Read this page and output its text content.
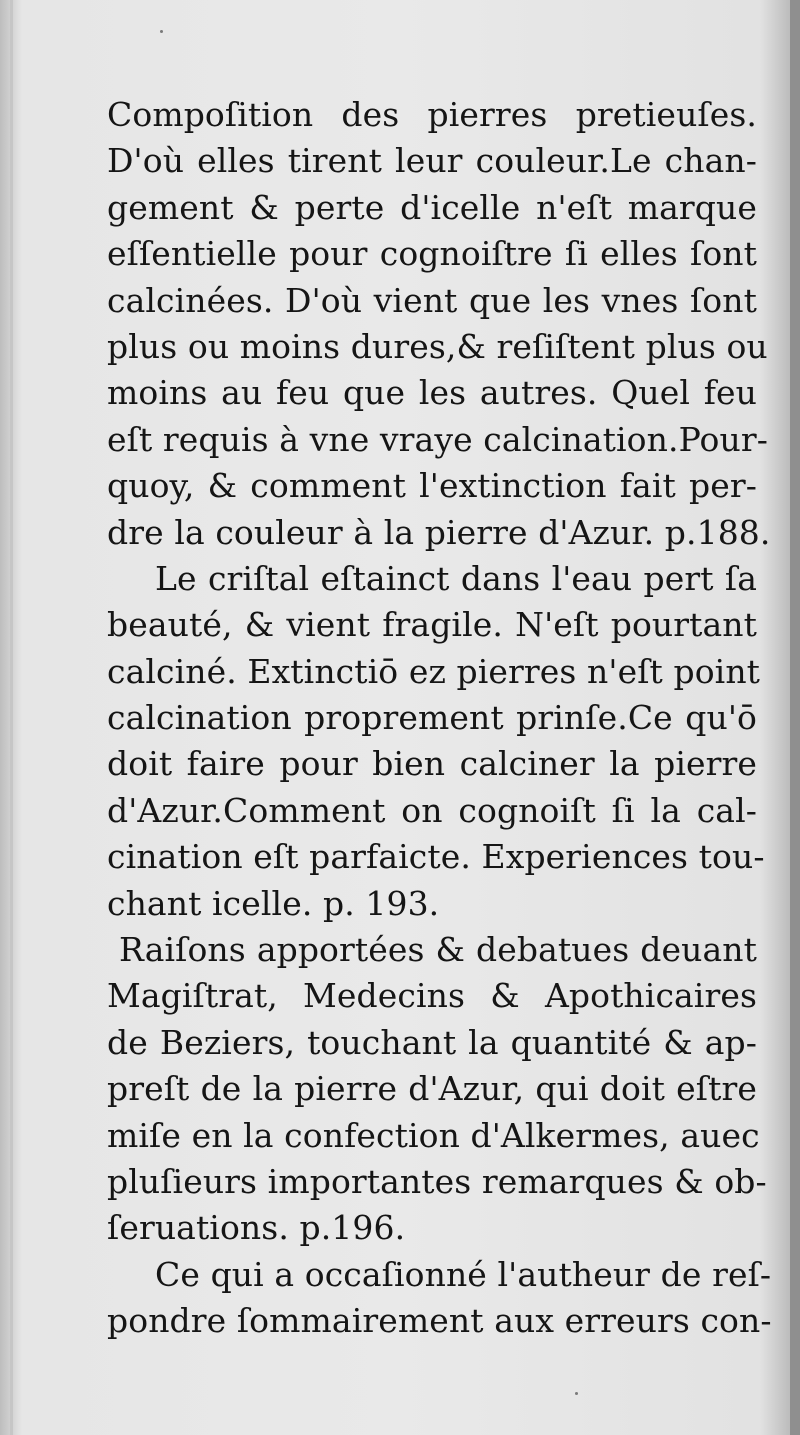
Compoſition des pierres pretieuſes.
D'où elles tirent leur couleur.Le chan-
gement & perte d'icelle n'eſt marque
eſſentielle pour cognoiſtre ſi elles ſont
calcinées. D'où vient que les vnes ſont
plus ou moins dures,& reſiſtent plus ou
moins au feu que les autres. Quel feu
eſt requis à vne vraye calcination.Pour-
quoy, & comment l'extinction fait per-
dre la couleur à la pierre d'Azur. p.188.
Le criſtal eſtainct dans l'eau pert ſa
beauté, & vient fragile. N'eſt pourtant
calciné. Extinctiō ez pierres n'eſt point
calcination proprement prinſe.Ce qu'ō
doit faire pour bien calciner la pierre
d'Azur.Comment on cognoiſt ſi la cal-
cination eſt parfaicte. Experiences tou-
chant icelle. p. 193.
Raiſons apportées & debatues deuant
Magiſtrat, Medecins & Apothicaires
de Beziers, touchant la quantité & ap-
preſt de la pierre d'Azur, qui doit eſtre
miſe en la confection d'Alkermes, auec
pluſieurs importantes remarques & ob-
ſeruations. p.196.
Ce qui a occaſionné l'autheur de reſ-
pondre ſommairement aux erreurs con-
